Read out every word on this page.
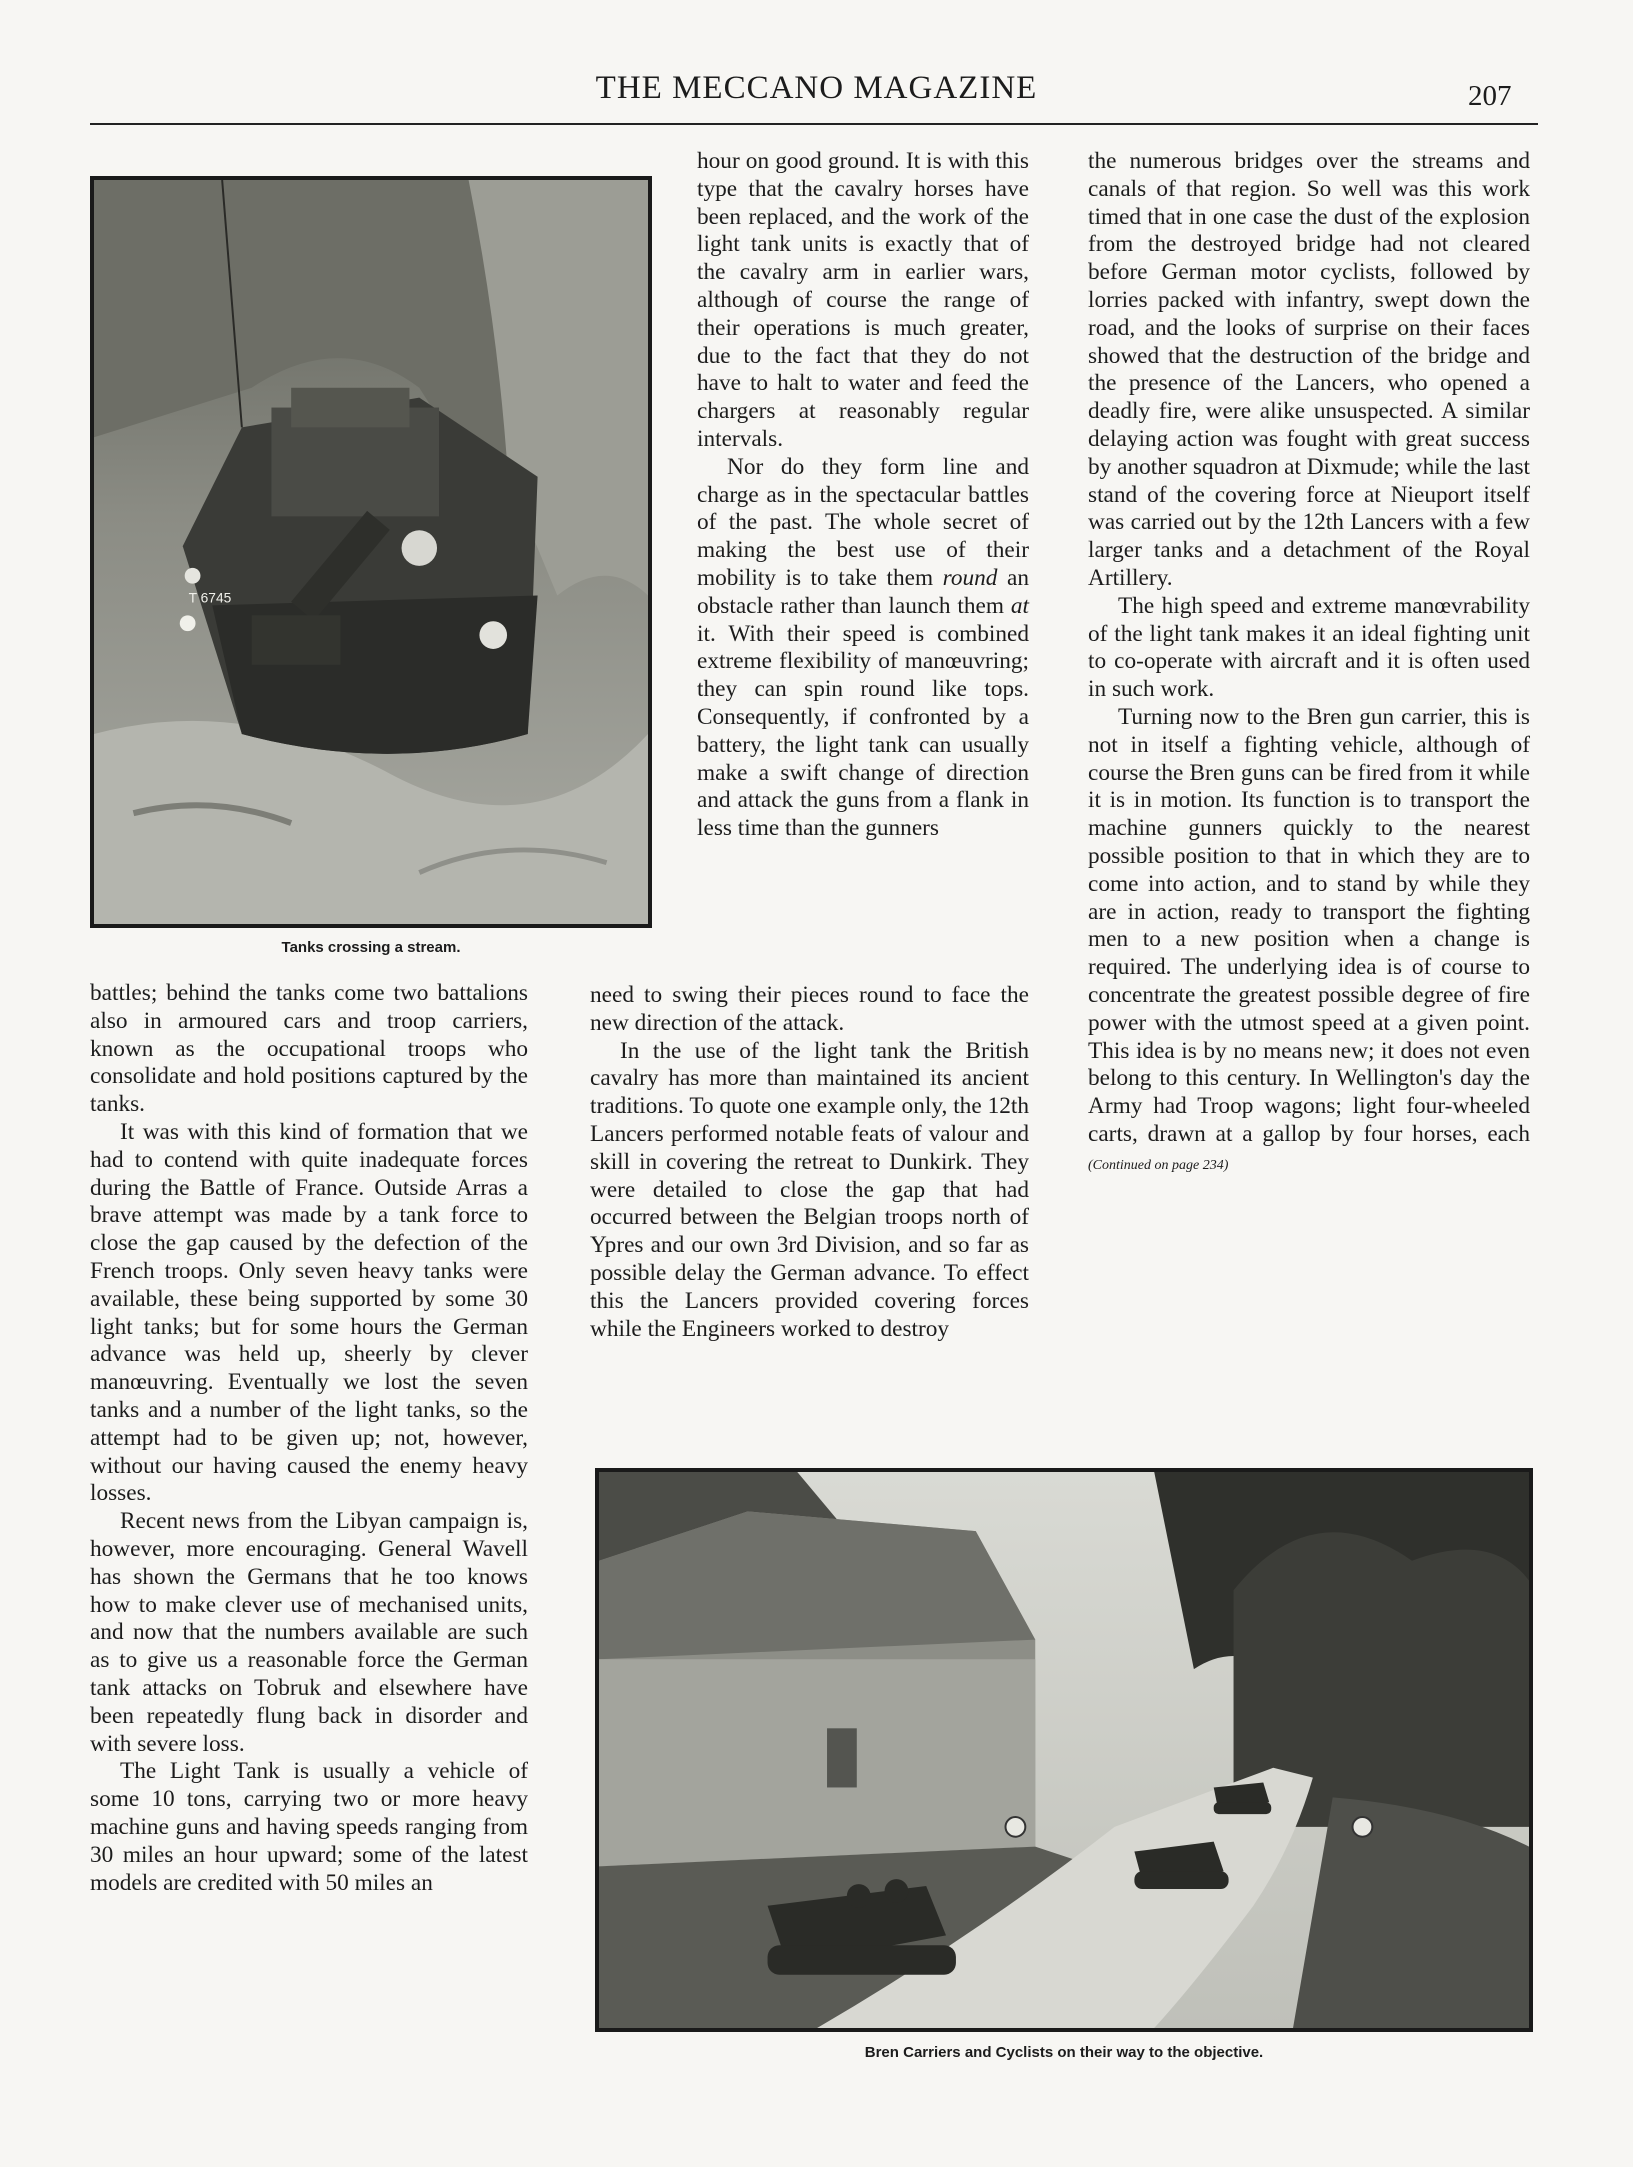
THE MECCANO MAGAZINE	207
T 6745
Tanks crossing a stream.

battles; behind the tanks come two battalions also in armoured cars and troop carriers, known as the occupational troops who consolidate and hold positions captured by the tanks.

It was with this kind of formation that we had to contend with quite inadequate forces during the Battle of France. Outside Arras a brave attempt was made by a tank force to close the gap caused by the defection of the French troops. Only seven heavy tanks were available, these being supported by some 30 light tanks; but for some hours the German advance was held up, sheerly by clever manœuvring. Eventually we lost the seven tanks and a number of the light tanks, so the attempt had to be given up; not, however, without our having caused the enemy heavy losses.

Recent news from the Libyan campaign is, however, more encouraging. General Wavell has shown the Germans that he too knows how to make clever use of mechanised units, and now that the numbers available are such as to give us a reasonable force the German tank attacks on Tobruk and elsewhere have been repeatedly flung back in disorder and with severe loss.

The Light Tank is usually a vehicle of some 10 tons, carrying two or more heavy machine guns and having speeds ranging from 30 miles an hour upward; some of the latest models are credited with 50 miles an

hour on good ground. It is with this type that the cavalry horses have been replaced, and the work of the light tank units is exactly that of the cavalry arm in earlier wars, although of course the range of their operations is much greater, due to the fact that they do not have to halt to water and feed the chargers at reasonably regular intervals.

Nor do they form line and charge as in the spectacular battles of the past. The whole secret of making the best use of their mobility is to take them round an obstacle rather than launch them at it. With their speed is combined extreme flexibility of manœuvring; they can spin round like tops. Consequently, if confronted by a battery, the light tank can usually make a swift change of direction and attack the guns from a flank in less time than the gunners

need to swing their pieces round to face the new direction of the attack.

In the use of the light tank the British cavalry has more than maintained its ancient traditions. To quote one example only, the 12th Lancers performed notable feats of valour and skill in covering the retreat to Dunkirk. They were detailed to close the gap that had occurred between the Belgian troops north of Ypres and our own 3rd Division, and so far as possible delay the German advance. To effect this the Lancers provided covering forces while the Engineers worked to destroy

the numerous bridges over the streams and canals of that region. So well was this work timed that in one case the dust of the explosion from the destroyed bridge had not cleared before German motor cyclists, followed by lorries packed with infantry, swept down the road, and the looks of surprise on their faces showed that the destruction of the bridge and the presence of the Lancers, who opened a deadly fire, were alike unsuspected. A similar delaying action was fought with great success by another squadron at Dixmude; while the last stand of the covering force at Nieuport itself was carried out by the 12th Lancers with a few larger tanks and a detachment of the Royal Artillery.

The high speed and extreme manœvrability of the light tank makes it an ideal fighting unit to co-operate with aircraft and it is often used in such work.

Turning now to the Bren gun carrier, this is not in itself a fighting vehicle, although of course the Bren guns can be fired from it while it is in motion. Its function is to transport the machine gunners quickly to the nearest possible position to that in which they are to come into action, and to stand by while they are in action, ready to transport the fighting men to a new position when a change is required. The underlying idea is of course to concentrate the greatest possible degree of fire power with the utmost speed at a given point. This idea is by no means new; it does not even belong to this century. In Wellington's day the Army had Troop wagons; light four-wheeled carts, drawn at a gallop by four horses, each (Continued on page 234)

Bren Carriers and Cyclists on their way to the objective.
